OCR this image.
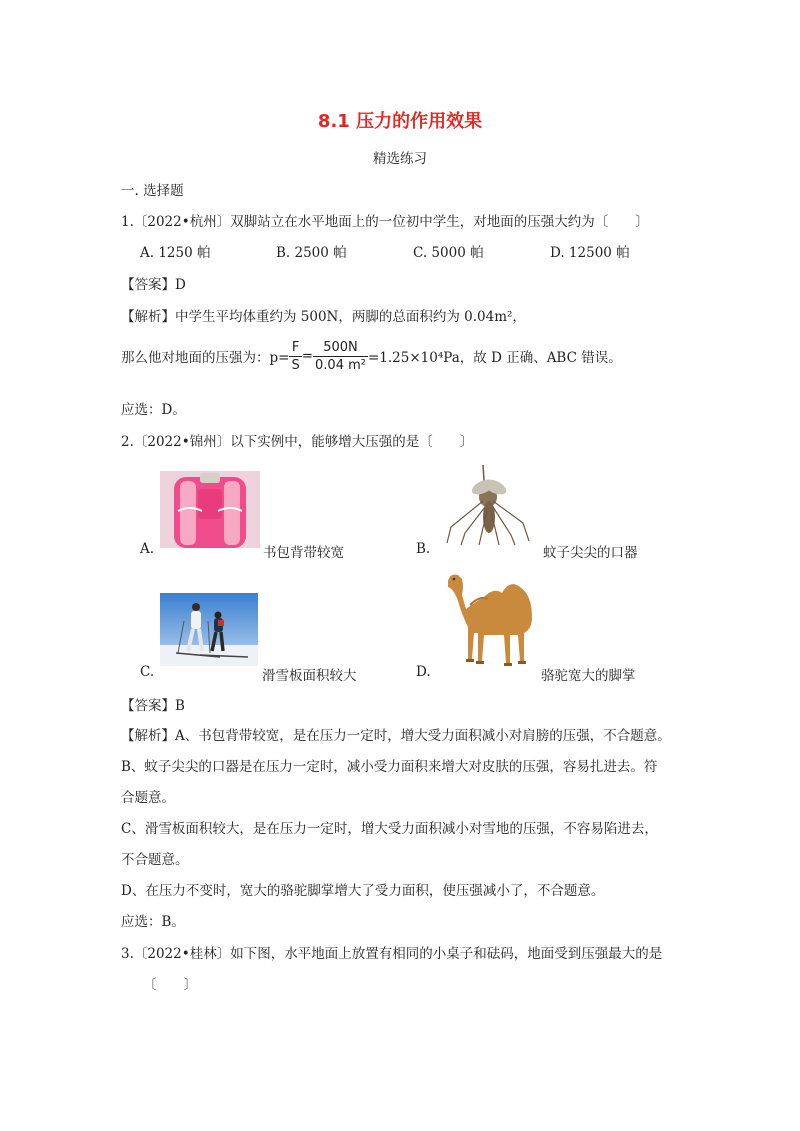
8.1 压力的作用效果
精选练习
一. 选择题
1.〔2022•杭州〕双脚站立在水平地面上的一位初中学生，对地面的压强大约为〔　　〕
A. 1250 帕	B. 2500 帕	C. 5000 帕	D. 12500 帕
【答案】D
【解析】中学生平均体重约为 500N，两脚的总面积约为 0.04m²，
那么他对地面的压强为：$p= \frac{F}{S} = \frac{500N}{\text{0.04 m²}} =1.25\times 10^4Pa$，故 D 正确、ABC 错误。
应选：D。
2.〔2022•锦州〕以下实例中，能够增大压强的是〔　　〕
A.	书包背带较宽	B.	蚊子尖尖的口器
C.	滑雪板面积较大	D.	骆驼宽大的脚掌
【答案】B
【解析】A、书包背带较宽，是在压力一定时，增大受力面积减小对肩膀的压强，不合题意。
B、蚊子尖尖的口器是在压力一定时，减小受力面积来增大对皮肤的压强，容易扎进去。符
合题意。
C、滑雪板面积较大，是在压力一定时，增大受力面积减小对雪地的压强，不容易陷进去，
不合题意。
D、在压力不变时，宽大的骆驼脚掌增大了受力面积，使压强减小了，不合题意。
应选：B。
3.〔2022•桂林〕如下图，水平地面上放置有相同的小桌子和砝码，地面受到压强最大的是
〔　　〕
